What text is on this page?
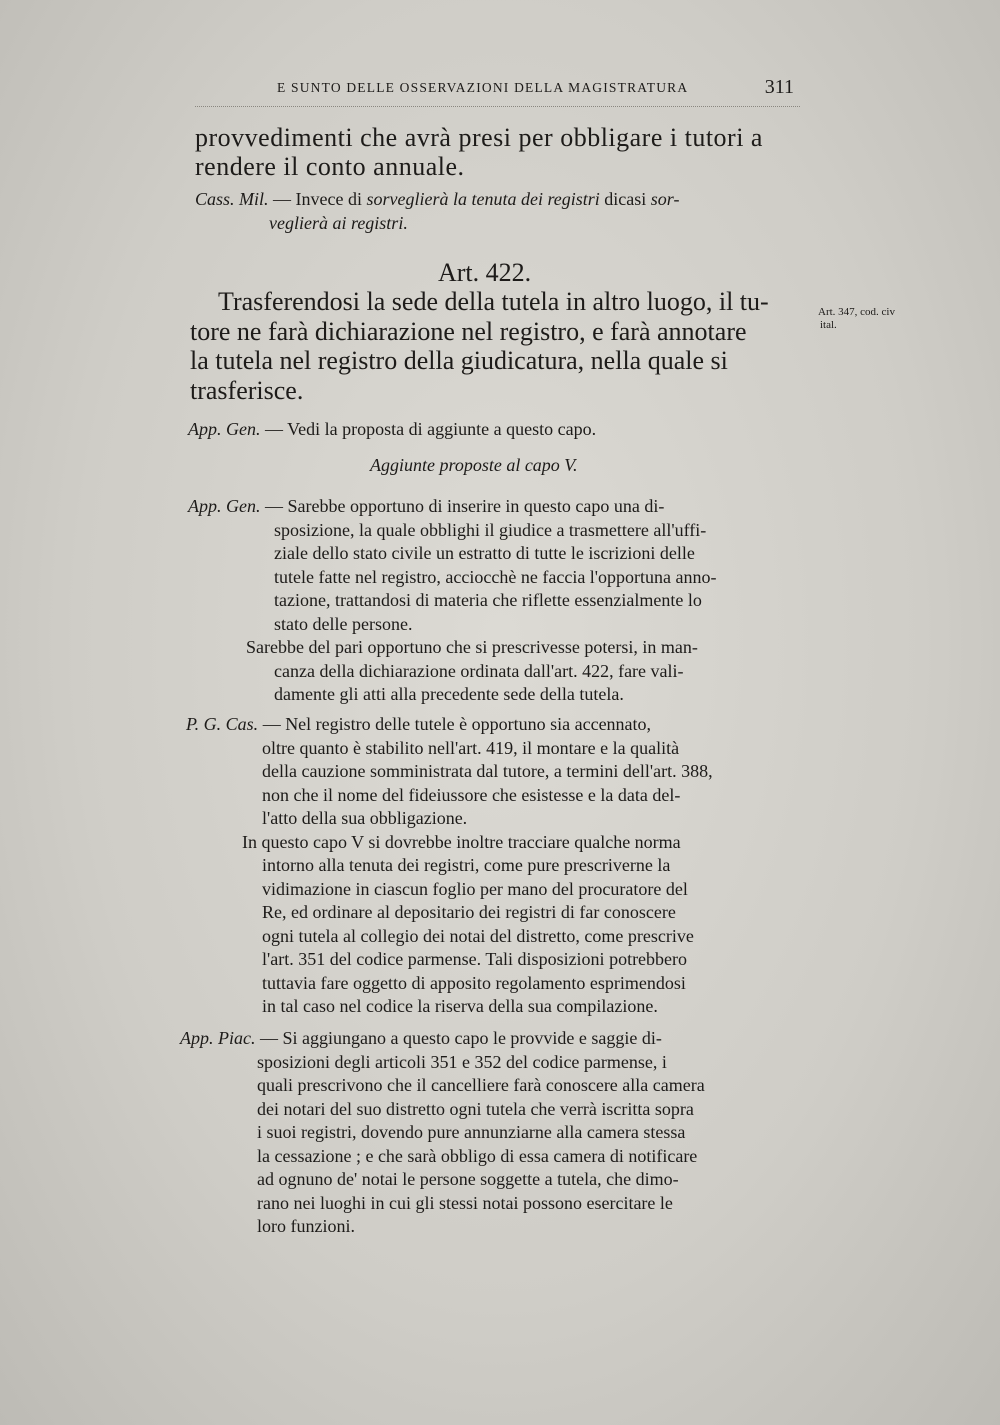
E SUNTO DELLE OSSERVAZIONI DELLA MAGISTRATURA	311
provvedimenti che avrà presi per obbligare i tutori a
rendere il conto annuale.
Cass. Mil. — Invece di sorveglierà la tenuta dei registri dicasi sor-
veglierà ai registri.
Art. 422.
Trasferendosi la sede della tutela in altro luogo, il tu-
tore ne farà dichiarazione nel registro, e farà annotare
la tutela nel registro della giudicatura, nella quale si
trasferisce.
Art. 347, cod. civ
ital.
App. Gen. — Vedi la proposta di aggiunte a questo capo.
Aggiunte proposte al capo V.
App. Gen. — Sarebbe opportuno di inserire in questo capo una di-
sposizione, la quale obblighi il giudice a trasmettere all'uffi-
ziale dello stato civile un estratto di tutte le iscrizioni delle
tutele fatte nel registro, acciocchè ne faccia l'opportuna anno-
tazione, trattandosi di materia che riflette essenzialmente lo
stato delle persone.
Sarebbe del pari opportuno che si prescrivesse potersi, in man-
canza della dichiarazione ordinata dall'art. 422, fare vali-
damente gli atti alla precedente sede della tutela.
P. G. Cas. — Nel registro delle tutele è opportuno sia accennato,
oltre quanto è stabilito nell'art. 419, il montare e la qualità
della cauzione somministrata dal tutore, a termini dell'art. 388,
non che il nome del fideiussore che esistesse e la data del-
l'atto della sua obbligazione.
In questo capo V si dovrebbe inoltre tracciare qualche norma
intorno alla tenuta dei registri, come pure prescriverne la
vidimazione in ciascun foglio per mano del procuratore del
Re, ed ordinare al depositario dei registri di far conoscere
ogni tutela al collegio dei notai del distretto, come prescrive
l'art. 351 del codice parmense. Tali disposizioni potrebbero
tuttavia fare oggetto di apposito regolamento esprimendosi
in tal caso nel codice la riserva della sua compilazione.
App. Piac. — Si aggiungano a questo capo le provvide e saggie di-
sposizioni degli articoli 351 e 352 del codice parmense, i
quali prescrivono che il cancelliere farà conoscere alla camera
dei notari del suo distretto ogni tutela che verrà iscritta sopra
i suoi registri, dovendo pure annunziarne alla camera stessa
la cessazione ; e che sarà obbligo di essa camera di notificare
ad ognuno de' notai le persone soggette a tutela, che dimo-
rano nei luoghi in cui gli stessi notai possono esercitare le
loro funzioni.
